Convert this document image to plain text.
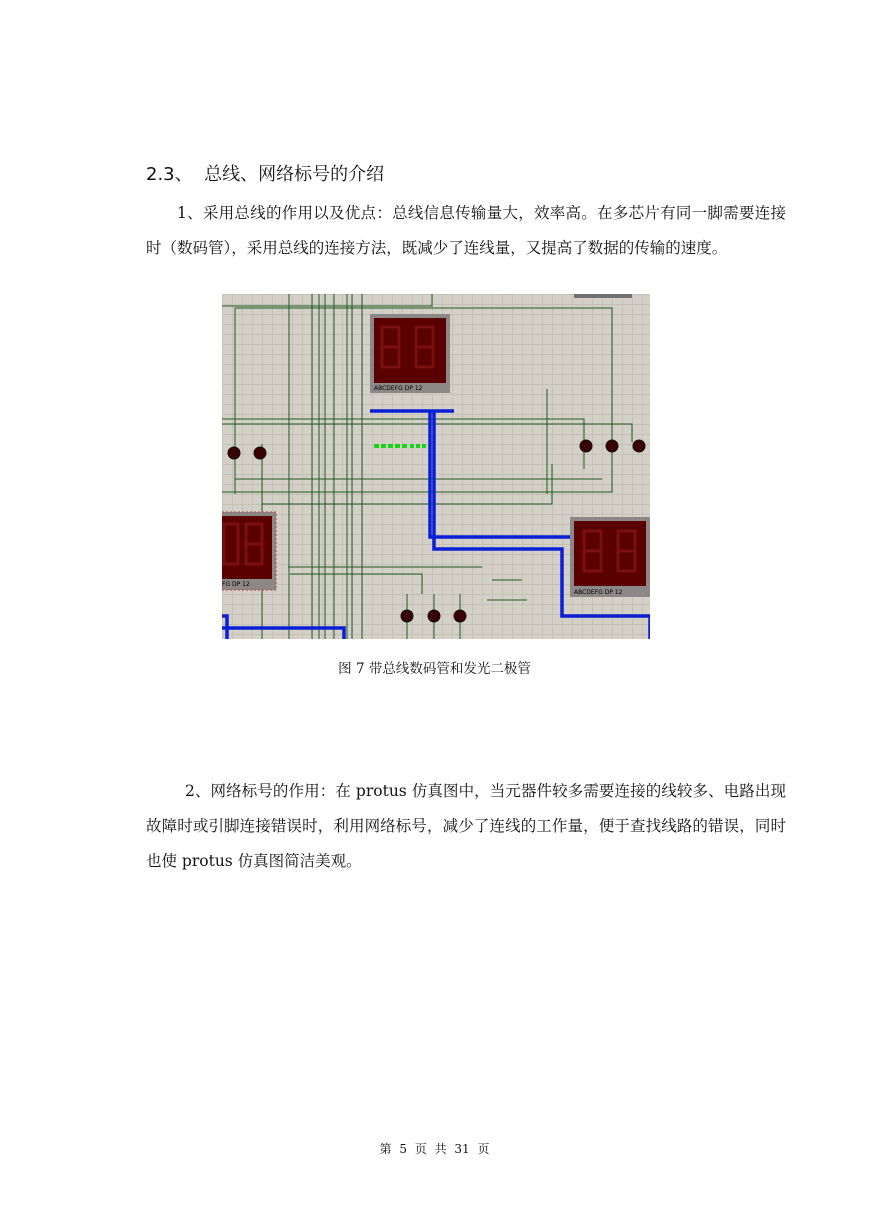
2.3、  总线、网络标号的介绍
1、采用总线的作用以及优点：总线信息传输量大，效率高。在多芯片有同一脚需要连接时（数码管），采用总线的连接方法，既减少了连线量，又提高了数据的传输的速度。
ABCDEFG DP 12
FG DP 12
ABCDEFG DP 12
图 7 带总线数码管和发光二极管
2、网络标号的作用：在 protus 仿真图中，当元器件较多需要连接的线较多、电路出现故障时或引脚连接错误时，利用网络标号，减少了连线的工作量，便于查找线路的错误，同时也使 protus 仿真图简洁美观。
第 5 页 共 31 页
